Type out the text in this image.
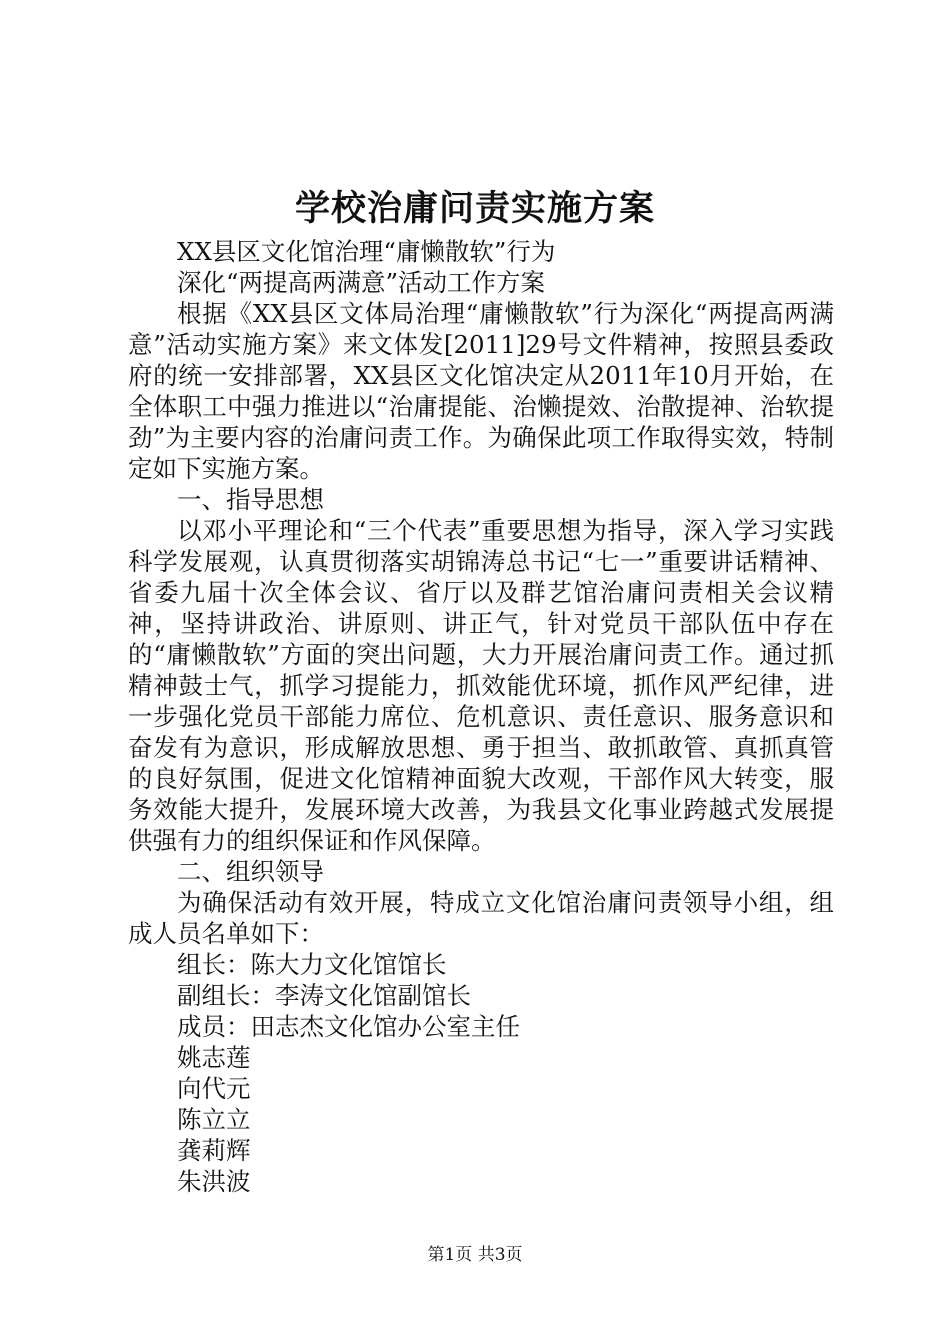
学校治庸问责实施方案

XX县区文化馆治理“庸懒散软”行为

深化“两提高两满意”活动工作方案

根据《XX县区文体局治理“庸懒散软”行为深化“两提高两满意”活动实施方案》来文体发[2011]29号文件精神，按照县委政府的统一安排部署，XX县区文化馆决定从2011年10月开始，在全体职工中强力推进以“治庸提能、治懒提效、治散提神、治软提劲”为主要内容的治庸问责工作。为确保此项工作取得实效，特制定如下实施方案。

一、指导思想

以邓小平理论和“三个代表”重要思想为指导，深入学习实践科学发展观，认真贯彻落实胡锦涛总书记“七一”重要讲话精神、省委九届十次全体会议、省厅以及群艺馆治庸问责相关会议精神，坚持讲政治、讲原则、讲正气，针对党员干部队伍中存在的“庸懒散软”方面的突出问题，大力开展治庸问责工作。通过抓精神鼓士气，抓学习提能力，抓效能优环境，抓作风严纪律，进一步强化党员干部能力席位、危机意识、责任意识、服务意识和奋发有为意识，形成解放思想、勇于担当、敢抓敢管、真抓真管的良好氛围，促进文化馆精神面貌大改观，干部作风大转变，服务效能大提升，发展环境大改善，为我县文化事业跨越式发展提供强有力的组织保证和作风保障。

二、组织领导

为确保活动有效开展，特成立文化馆治庸问责领导小组，组成人员名单如下：

组长：陈大力文化馆馆长

副组长：李涛文化馆副馆长

成员：田志杰文化馆办公室主任

姚志莲

向代元

陈立立

龚莉辉

朱洪波

第1页 共3页
